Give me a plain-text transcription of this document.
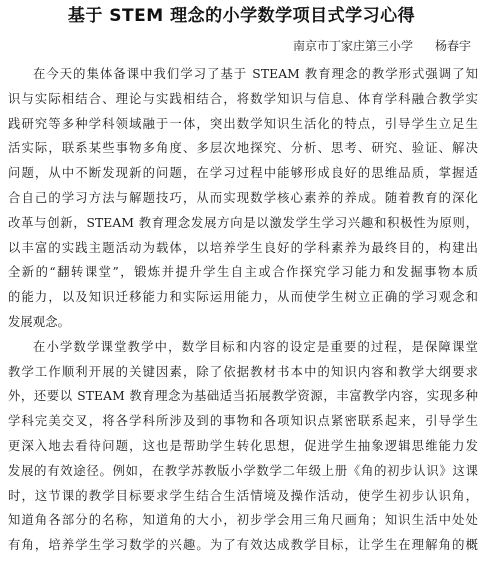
基于 STEM 理念的小学数学项目式学习心得
南京市丁家庄第三小学 杨春宇
在今天的集体备课中我们学习了基于 STEAM 教育理念的教学形式强调了知
识与实际相结合、理论与实践相结合，将数学知识与信息、体育学科融合教学实
践研究等多种学科领域融于一体，突出数学知识生活化的特点，引导学生立足生
活实际，联系某些事物多角度、多层次地探究、分析、思考、研究、验证、解决
问题，从中不断发现新的问题，在学习过程中能够形成良好的思维品质，掌握适
合自己的学习方法与解题技巧，从而实现数学核心素养的养成。随着教育的深化
改革与创新，STEAM 教育理念发展方向是以激发学生学习兴趣和积极性为原则，
以丰富的实践主题活动为载体，以培养学生良好的学科素养为最终目的，构建出
全新的“翻转课堂”，锻炼并提升学生自主或合作探究学习能力和发掘事物本质
的能力，以及知识迁移能力和实际运用能力，从而使学生树立正确的学习观念和
发展观念。
在小学数学课堂教学中，数学目标和内容的设定是重要的过程，是保障课堂
教学工作顺利开展的关键因素，除了依据教材书本中的知识内容和教学大纲要求
外，还要以 STEAM 教育理念为基础适当拓展教学资源，丰富教学内容，实现多种
学科完美交叉，将各学科所涉及到的事物和各项知识点紧密联系起来，引导学生
更深入地去看待问题，这也是帮助学生转化思想，促进学生抽象逻辑思维能力发
发展的有效途径。例如，在教学苏教版小学数学二年级上册《角的初步认识》这课
时，这节课的教学目标要求学生结合生活情境及操作活动，使学生初步认识角，
知道角各部分的名称，知道角的大小，初步学会用三角尺画角；知识生活中处处
有角，培养学生学习数学的兴趣。为了有效达成教学目标，让学生在理解角的概
